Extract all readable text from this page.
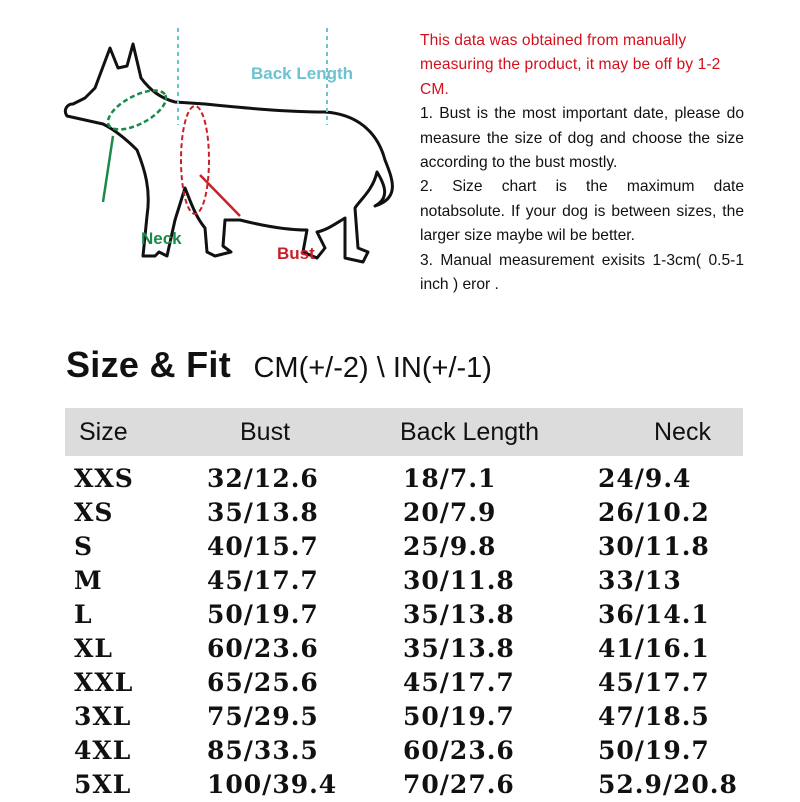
Back Length
Neck
Bust
This data was obtained from manually measuring the product, it may be off by 1-2 CM.
1. Bust is the most important date, please do measure the size of dog and choose the size according to the bust mostly.
2. Size chart is the maximum date notabsolute. If your dog is between sizes, the larger size maybe wil be better.
3. Manual measurement exisits 1-3cm( 0.5-1 inch ) eror .
Size & Fit CM(+/-2) \ IN(+/-1)
Size	Bust	Back Length	Neck
XXS	32/12.6	18/7.1	24/9.4
XS	35/13.8	20/7.9	26/10.2
S	40/15.7	25/9.8	30/11.8
M	45/17.7	30/11.8	33/13
L	50/19.7	35/13.8	36/14.1
XL	60/23.6	35/13.8	41/16.1
XXL	65/25.6	45/17.7	45/17.7
3XL	75/29.5	50/19.7	47/18.5
4XL	85/33.5	60/23.6	50/19.7
5XL	100/39.4	70/27.6	52.9/20.8
